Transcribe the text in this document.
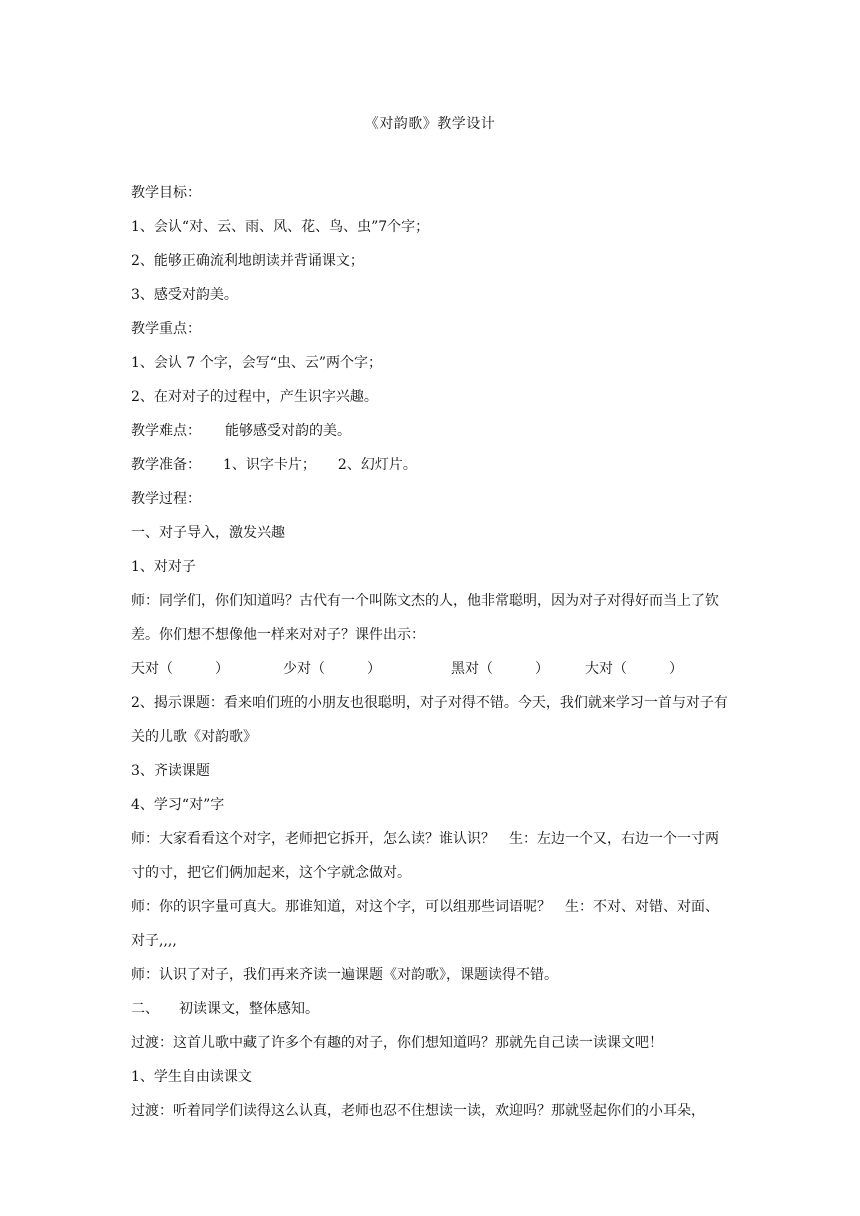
《对韵歌》教学设计
教学目标：
1、会认“对、云、雨、风、花、鸟、虫”7个字；
2、能够正确流利地朗读并背诵课文；
3、感受对韵美。
教学重点：
1、会认 7 个字，会写“虫、云”两个字；
2、在对对子的过程中，产生识字兴趣。
教学难点： 能够感受对韵的美。
教学准备： 1、识字卡片； 2、幻灯片。
教学过程：
一、对子导入，激发兴趣
1、对对子
师：同学们，你们知道吗？古代有一个叫陈文杰的人，他非常聪明，因为对子对得好而当上了钦差。你们想不想像他一样来对对子？课件出示：
天对（　　　）	少对（　　　）	黑对（　　　）	大对（　　　）
2、揭示课题：看来咱们班的小朋友也很聪明，对子对得不错。今天，我们就来学习一首与对子有关的儿歌《对韵歌》
3、齐读课题
4、学习“对”字
师：大家看看这个对字，老师把它拆开，怎么读？谁认识？　生：左边一个又，右边一个一寸两寸的寸，把它们俩加起来，这个字就念做对。
师：你的识字量可真大。那谁知道，对这个字，可以组那些词语呢？　生：不对、对错、对面、对子,,,,
师：认识了对子，我们再来齐读一遍课题《对韵歌》，课题读得不错。
二、 初读课文，整体感知。
过渡：这首儿歌中藏了许多个有趣的对子，你们想知道吗？那就先自己读一读课文吧！
1、学生自由读课文
过渡：听着同学们读得这么认真，老师也忍不住想读一读，欢迎吗？那就竖起你们的小耳朵，
